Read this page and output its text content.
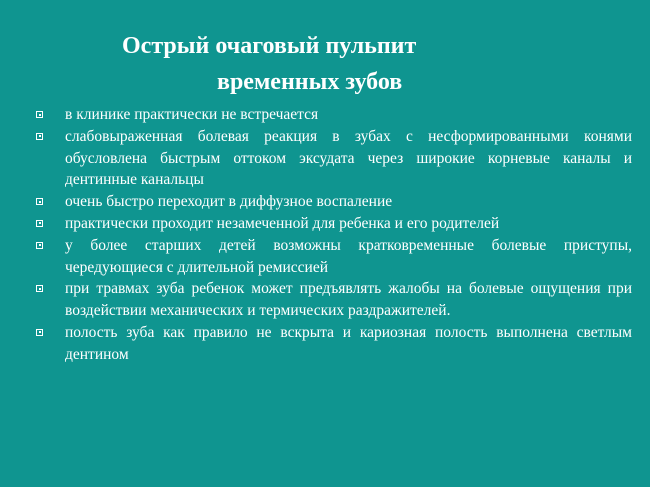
Острый очаговый пульпит
временных зубов
в клинике практически не встречается
слабовыраженная болевая реакция в зубах с несформированными конями обусловлена быстрым оттоком эксудата через широкие корневые каналы и дентинные канальцы
очень быстро переходит в диффузное воспаление
практически проходит незамеченной для ребенка и его родителей
у более старших детей возможны кратковременные болевые приступы, чередующиеся с длительной ремиссией
при травмах зуба ребенок может предъявлять жалобы на болевые ощущения при воздействии механических и термических раздражителей.
полость зуба как правило не вскрыта и кариозная полость выполнена светлым дентином
